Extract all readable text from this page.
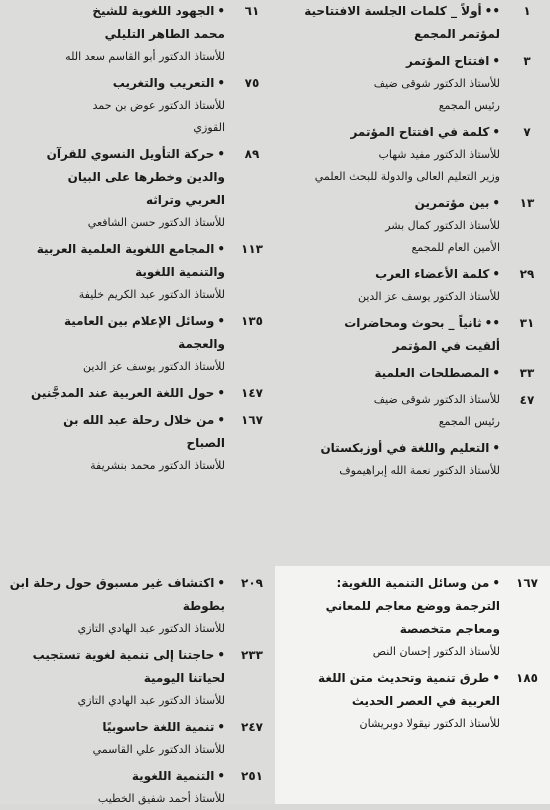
١
••أولاً _ كلمات الجلسة الافتتاحية
لمؤتمر المجمع
٣
•افتتاح المؤتمر
للأستاذ الدكتور شوقى ضيف
رئيس المجمع
٧
•كلمة في افتتاح المؤتمر
للأستاذ الدكتور مفيد شهاب
وزير التعليم العالى والدولة للبحث العلمي
١٣
•بين مؤتمرين
للأستاذ الدكتور كمال بشر
الأمين العام للمجمع
٢٩
•كلمة الأعضاء العرب
للأستاذ الدكتور يوسف عز الدين
٣١
••ثانياً _ بحوث ومحاضرات
ألقيت في المؤتمر
٣٣
•المصطلحات العلمية
٤٧
للأستاذ الدكتور شوقى ضيف
رئيس المجمع
•التعليم واللغة في أوزبكستان
للأستاذ الدكتور نعمة الله إبراهيموف
٦١
•الجهود اللغوية للشيخ
محمد الطاهر التليلي
للأستاذ الدكتور أبو القاسم سعد الله
٧٥
•التعريب والتغريب
للأستاذ الدكتور عوض بن حمد
القوزي
٨٩
•حركة التأويل النسوي للقرآن
والدين وخطرها على البيان
العربي وتراثه
للأستاذ الدكتور حسن الشافعي
١١٣
•المجامع اللغوية العلمية العربية
والتنمية اللغوية
للأستاذ الدكتور عبد الكريم خليفة
١٣٥
•وسائل الإعلام بين العامية
والعجمة
للأستاذ الدكتور يوسف عز الدين
١٤٧
•حول اللغة العربية عند المدجَّنين
١٦٧
•من خلال رحلة عبد الله بن
الصباح
للأستاذ الدكتور محمد بنشريفة
١٦٧
•من وسائل التنمية اللغوية:
الترجمة ووضع معاجم للمعاني
ومعاجم متخصصة
للأستاذ الدكتور إحسان النص
١٨٥
•طرق تنمية وتحديث متن اللغة
العربية في العصر الحديث
للأستاذ الدكتور نيقولا دوبريشان
٢٠٩
•اكتشاف غير مسبوق حول رحلة ابن
بطوطة
للأستاذ الدكتور عبد الهادي التازي
٢٣٣
•حاجتنا إلى تنمية لغوية تستجيب
لحياتنا اليومية
للأستاذ الدكتور عبد الهادي التازي
٢٤٧
•تنمية اللغة حاسوبيًا
للأستاذ الدكتور علي القاسمي
٢٥١
•التنمية اللغوية
للأستاذ أحمد شفيق الخطيب
